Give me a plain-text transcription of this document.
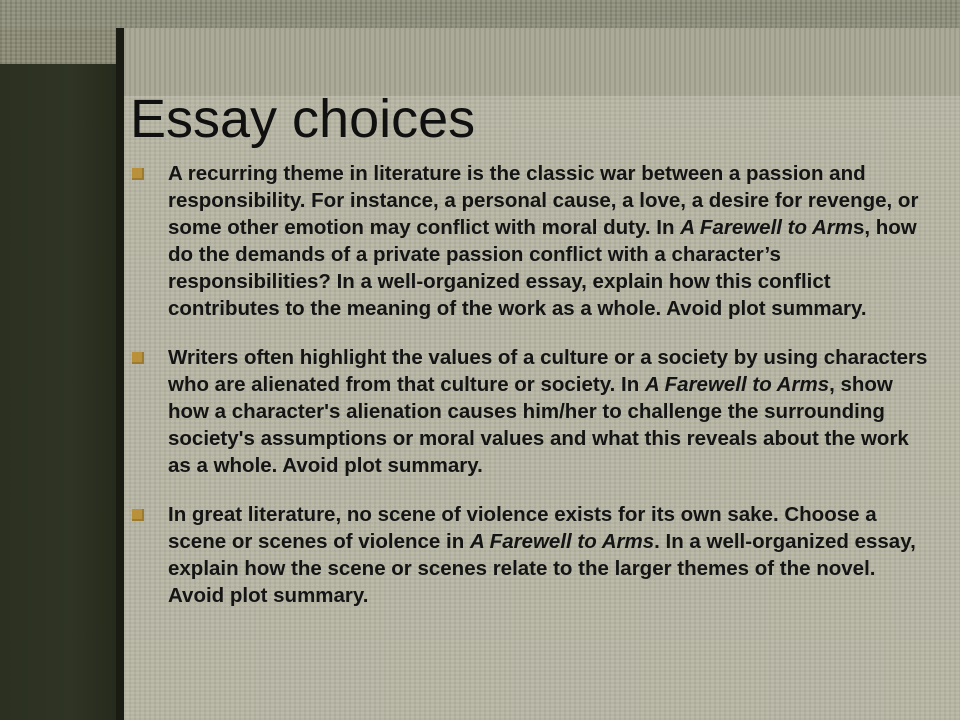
Essay choices
A recurring theme in literature is the classic war between a passion and responsibility. For instance, a personal cause, a love, a desire for revenge, or some other emotion may conflict with moral duty. In A Farewell to Arms, how do the demands of a private passion conflict with a character’s responsibilities? In a well-organized essay, explain how this conflict contributes to the meaning of the work as a whole. Avoid plot summary.
Writers often highlight the values of a culture or a society by using characters who are alienated from that culture or society. In A Farewell to Arms, show how a character's alienation causes him/her to challenge the surrounding society's assumptions or moral values and what this reveals about the work as a whole. Avoid plot summary.
In great literature, no scene of violence exists for its own sake. Choose a scene or scenes of violence in A Farewell to Arms. In a well-organized essay, explain how the scene or scenes relate to the larger themes of the novel. Avoid plot summary.
